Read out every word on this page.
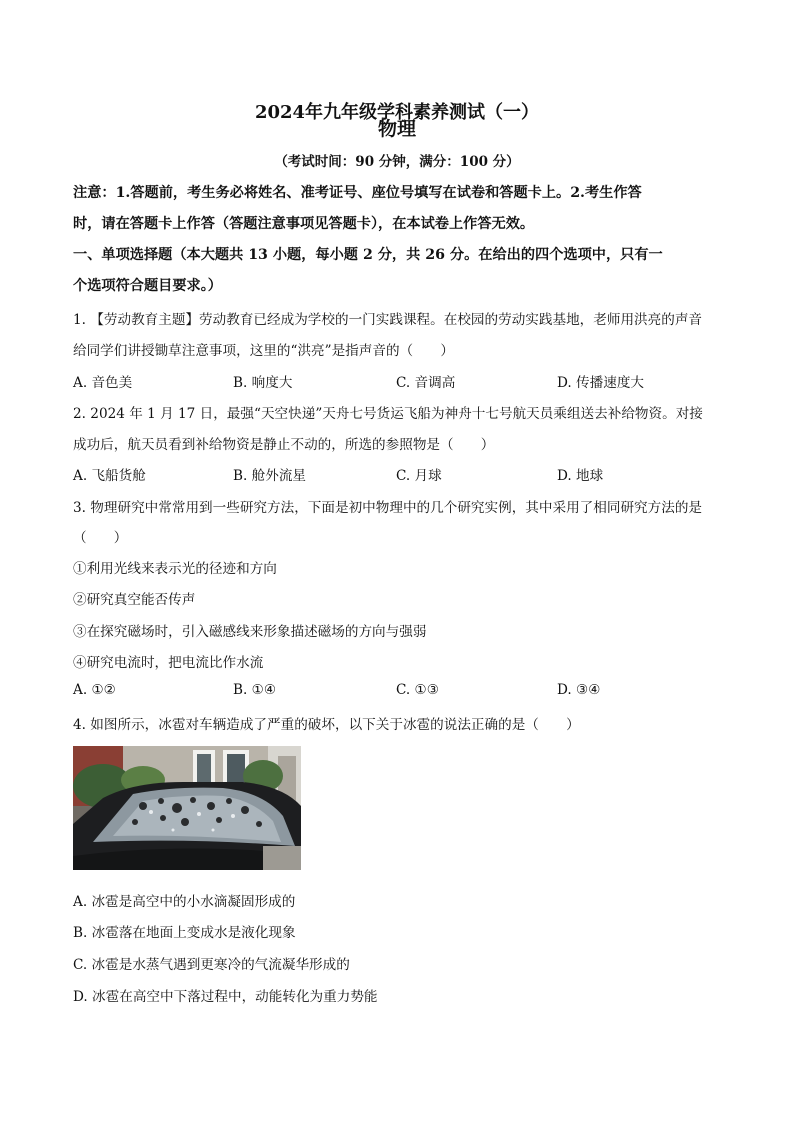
2024年九年级学科素养测试（一）
物理
（考试时间：90 分钟，满分：100 分）
注意：1.答题前，考生务必将姓名、准考证号、座位号填写在试卷和答题卡上。2.考生作答
时，请在答题卡上作答（答题注意事项见答题卡），在本试卷上作答无效。
一、单项选择题（本大题共 13 小题，每小题 2 分，共 26 分。在给出的四个选项中，只有一
个选项符合题目要求。）
1. 【劳动教育主题】劳动教育已经成为学校的一门实践课程。在校园的劳动实践基地，老师用洪亮的声音
给同学们讲授锄草注意事项，这里的“洪亮”是指声音的（　　）
A. 音色美	B. 响度大	C. 音调高	D. 传播速度大
2. 2024 年 1 月 17 日，最强“天空快递”天舟七号货运飞船为神舟十七号航天员乘组送去补给物资。对接
成功后，航天员看到补给物资是静止不动的，所选的参照物是（　　）
A. 飞船货舱	B. 舱外流星	C. 月球	D. 地球
3. 物理研究中常常用到一些研究方法，下面是初中物理中的几个研究实例，其中采用了相同研究方法的是
（　　）
①利用光线来表示光的径迹和方向
②研究真空能否传声
③在探究磁场时，引入磁感线来形象描述磁场的方向与强弱
④研究电流时，把电流比作水流
A. ①②	B. ①④	C. ①③	D. ③④
4. 如图所示，冰雹对车辆造成了严重的破坏，以下关于冰雹的说法正确的是（　　）
A. 冰雹是高空中的小水滴凝固形成的
B. 冰雹落在地面上变成水是液化现象
C. 冰雹是水蒸气遇到更寒冷的气流凝华形成的
D. 冰雹在高空中下落过程中，动能转化为重力势能
